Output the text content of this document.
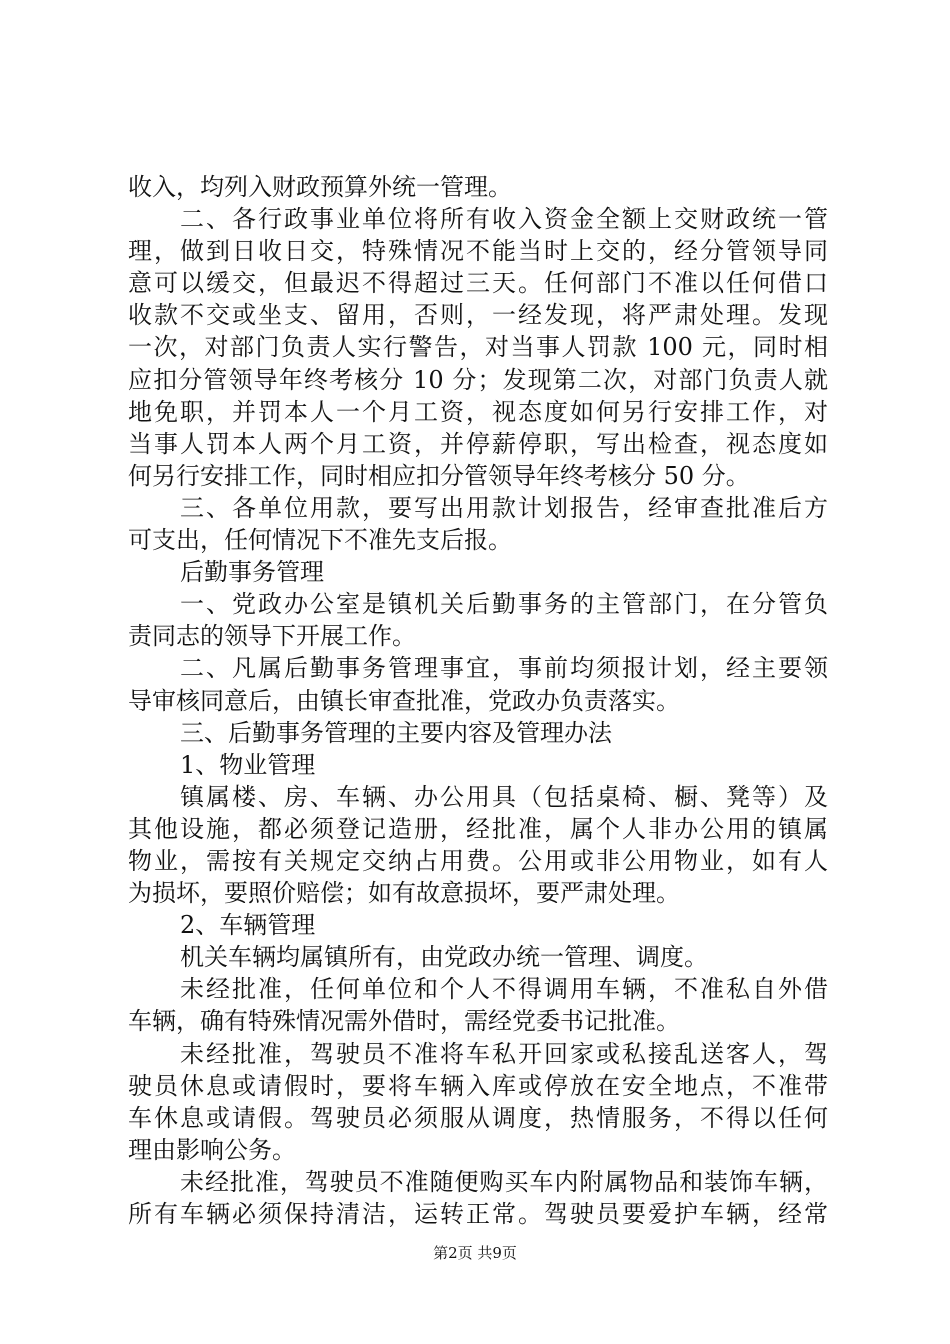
收入，均列入财政预算外统一管理。
二、各行政事业单位将所有收入资金全额上交财政统一管
理，做到日收日交，特殊情况不能当时上交的，经分管领导同
意可以缓交，但最迟不得超过三天。任何部门不准以任何借口
收款不交或坐支、留用，否则，一经发现，将严肃处理。发现
一次，对部门负责人实行警告，对当事人罚款 100 元，同时相
应扣分管领导年终考核分 10 分；发现第二次，对部门负责人就
地免职，并罚本人一个月工资，视态度如何另行安排工作，对
当事人罚本人两个月工资，并停薪停职，写出检查，视态度如
何另行安排工作，同时相应扣分管领导年终考核分 50 分。
三、各单位用款，要写出用款计划报告，经审查批准后方
可支出，任何情况下不准先支后报。
后勤事务管理
一、党政办公室是镇机关后勤事务的主管部门，在分管负
责同志的领导下开展工作。
二、凡属后勤事务管理事宜，事前均须报计划，经主要领
导审核同意后，由镇长审查批准，党政办负责落实。
三、后勤事务管理的主要内容及管理办法
1、物业管理
镇属楼、房、车辆、办公用具（包括桌椅、橱、凳等）及
其他设施，都必须登记造册，经批准，属个人非办公用的镇属
物业，需按有关规定交纳占用费。公用或非公用物业，如有人
为损坏，要照价赔偿；如有故意损坏，要严肃处理。
2、车辆管理
机关车辆均属镇所有，由党政办统一管理、调度。
未经批准，任何单位和个人不得调用车辆，不准私自外借
车辆，确有特殊情况需外借时，需经党委书记批准。
未经批准，驾驶员不准将车私开回家或私接乱送客人，驾
驶员休息或请假时，要将车辆入库或停放在安全地点，不准带
车休息或请假。驾驶员必须服从调度，热情服务，不得以任何
理由影响公务。
未经批准，驾驶员不准随便购买车内附属物品和装饰车辆，
所有车辆必须保持清洁，运转正常。驾驶员要爱护车辆，经常
第2页 共9页
